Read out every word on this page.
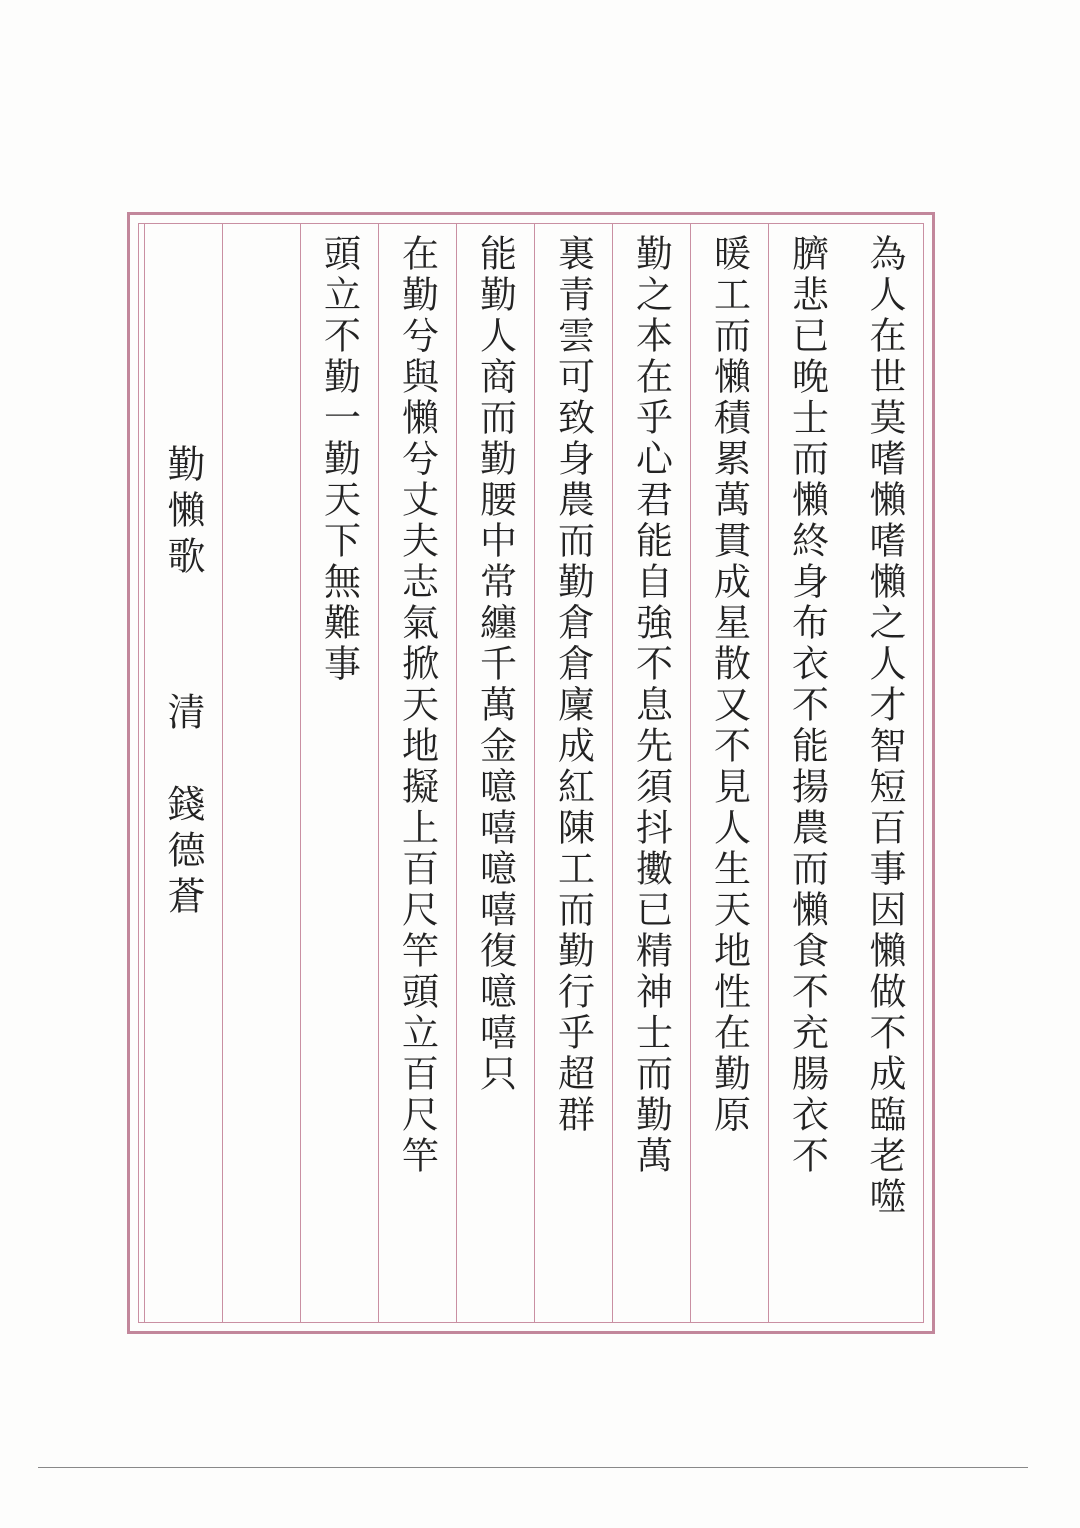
為人在世莫嗜懶嗜懶之人才智短百事因懶做不成臨老噬
臍悲已晚士而懶終身布衣不能揚農而懶食不充腸衣不
暖工而懶積累萬貫成星散又不見人生天地性在勤原
勤之本在乎心君能自強不息先須抖擻已精神士而勤萬
裏青雲可致身農而勤倉倉廩成紅陳工而勤行乎超群
能勤人商而勤腰中常纏千萬金噫嘻噫嘻復噫嘻只
在勤兮與懶兮丈夫志氣掀天地擬上百尺竿頭立百尺竿
頭立不勤一勤天下無難事
勤懶歌
清　錢德蒼
